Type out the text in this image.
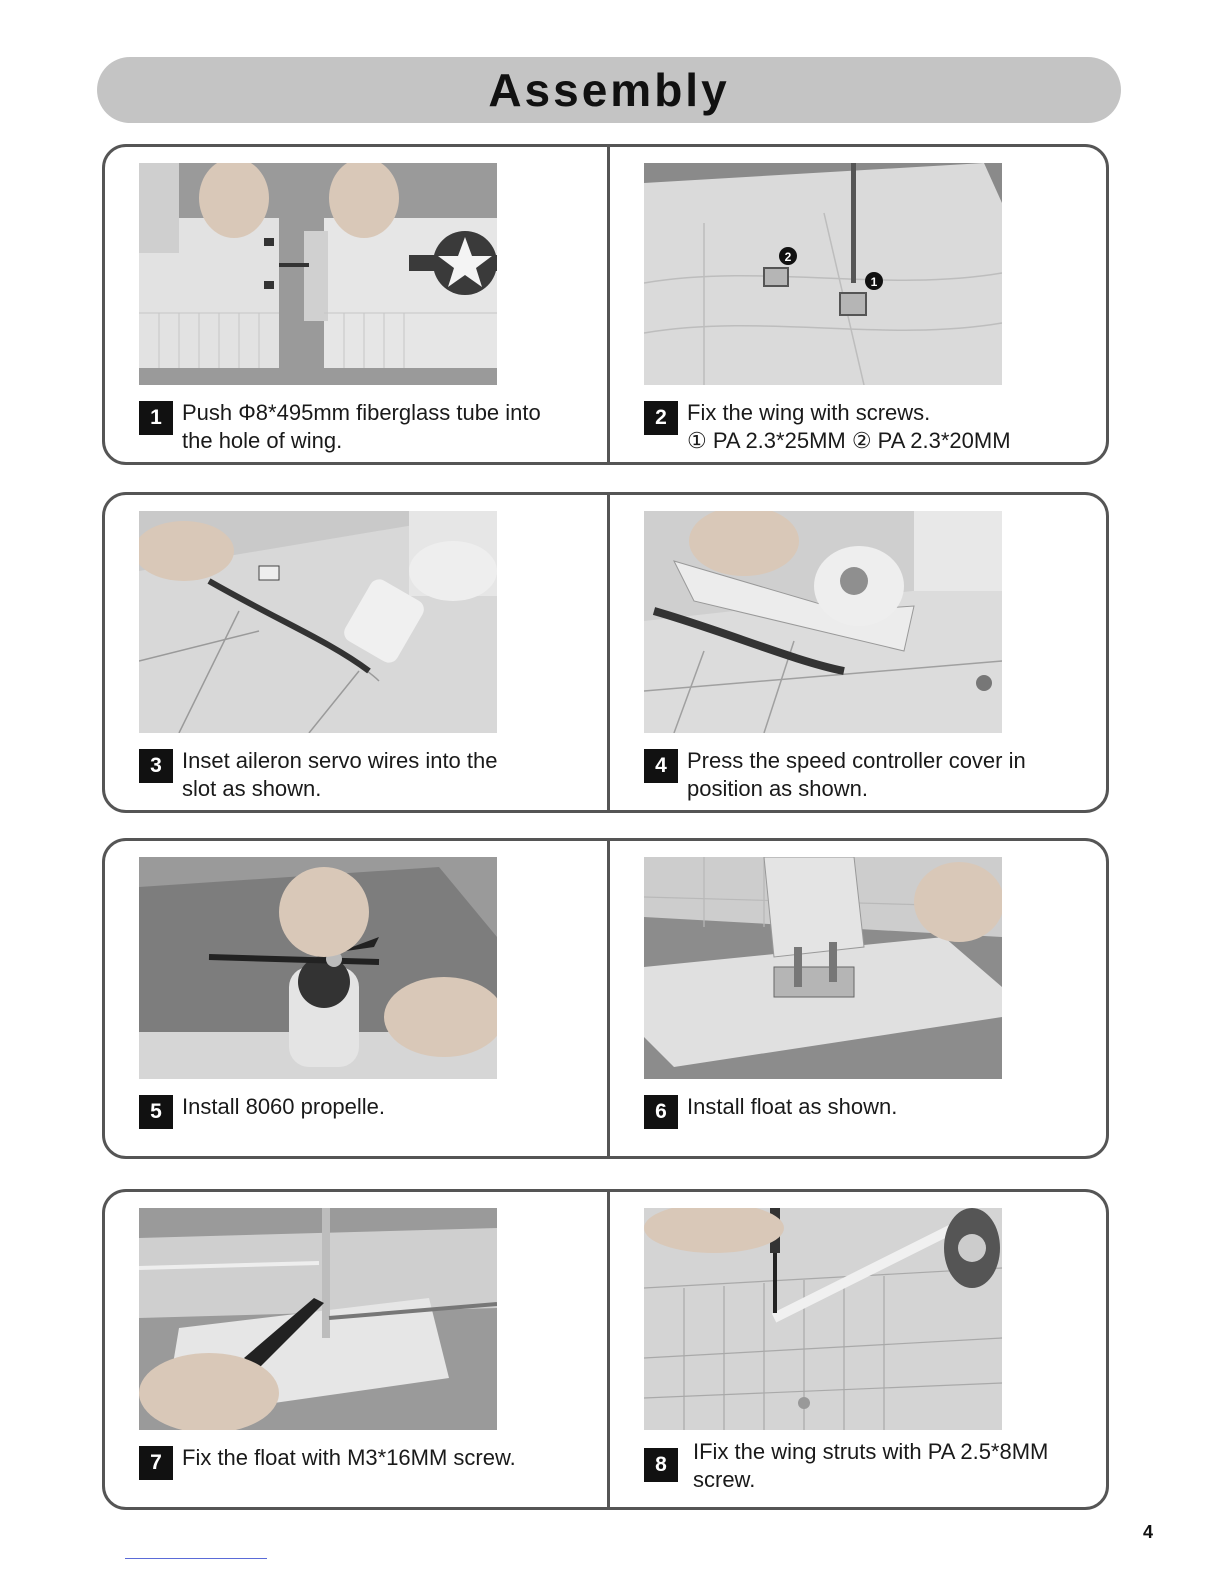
Assembly
1 Push Φ8*495mm fiberglass tube into
the hole of wing.
1
2
2 Fix the wing with screws.
① PA 2.3*25MM ② PA 2.3*20MM
3 Inset aileron servo wires into the
slot as shown.
4 Press the speed controller cover in
position as shown.
5 Install 8060 propelle.	6 Install float as shown.
7 Fix the float with M3*16MM screw.	8
IFix the wing struts with PA 2.5*8MM
screw.
4
